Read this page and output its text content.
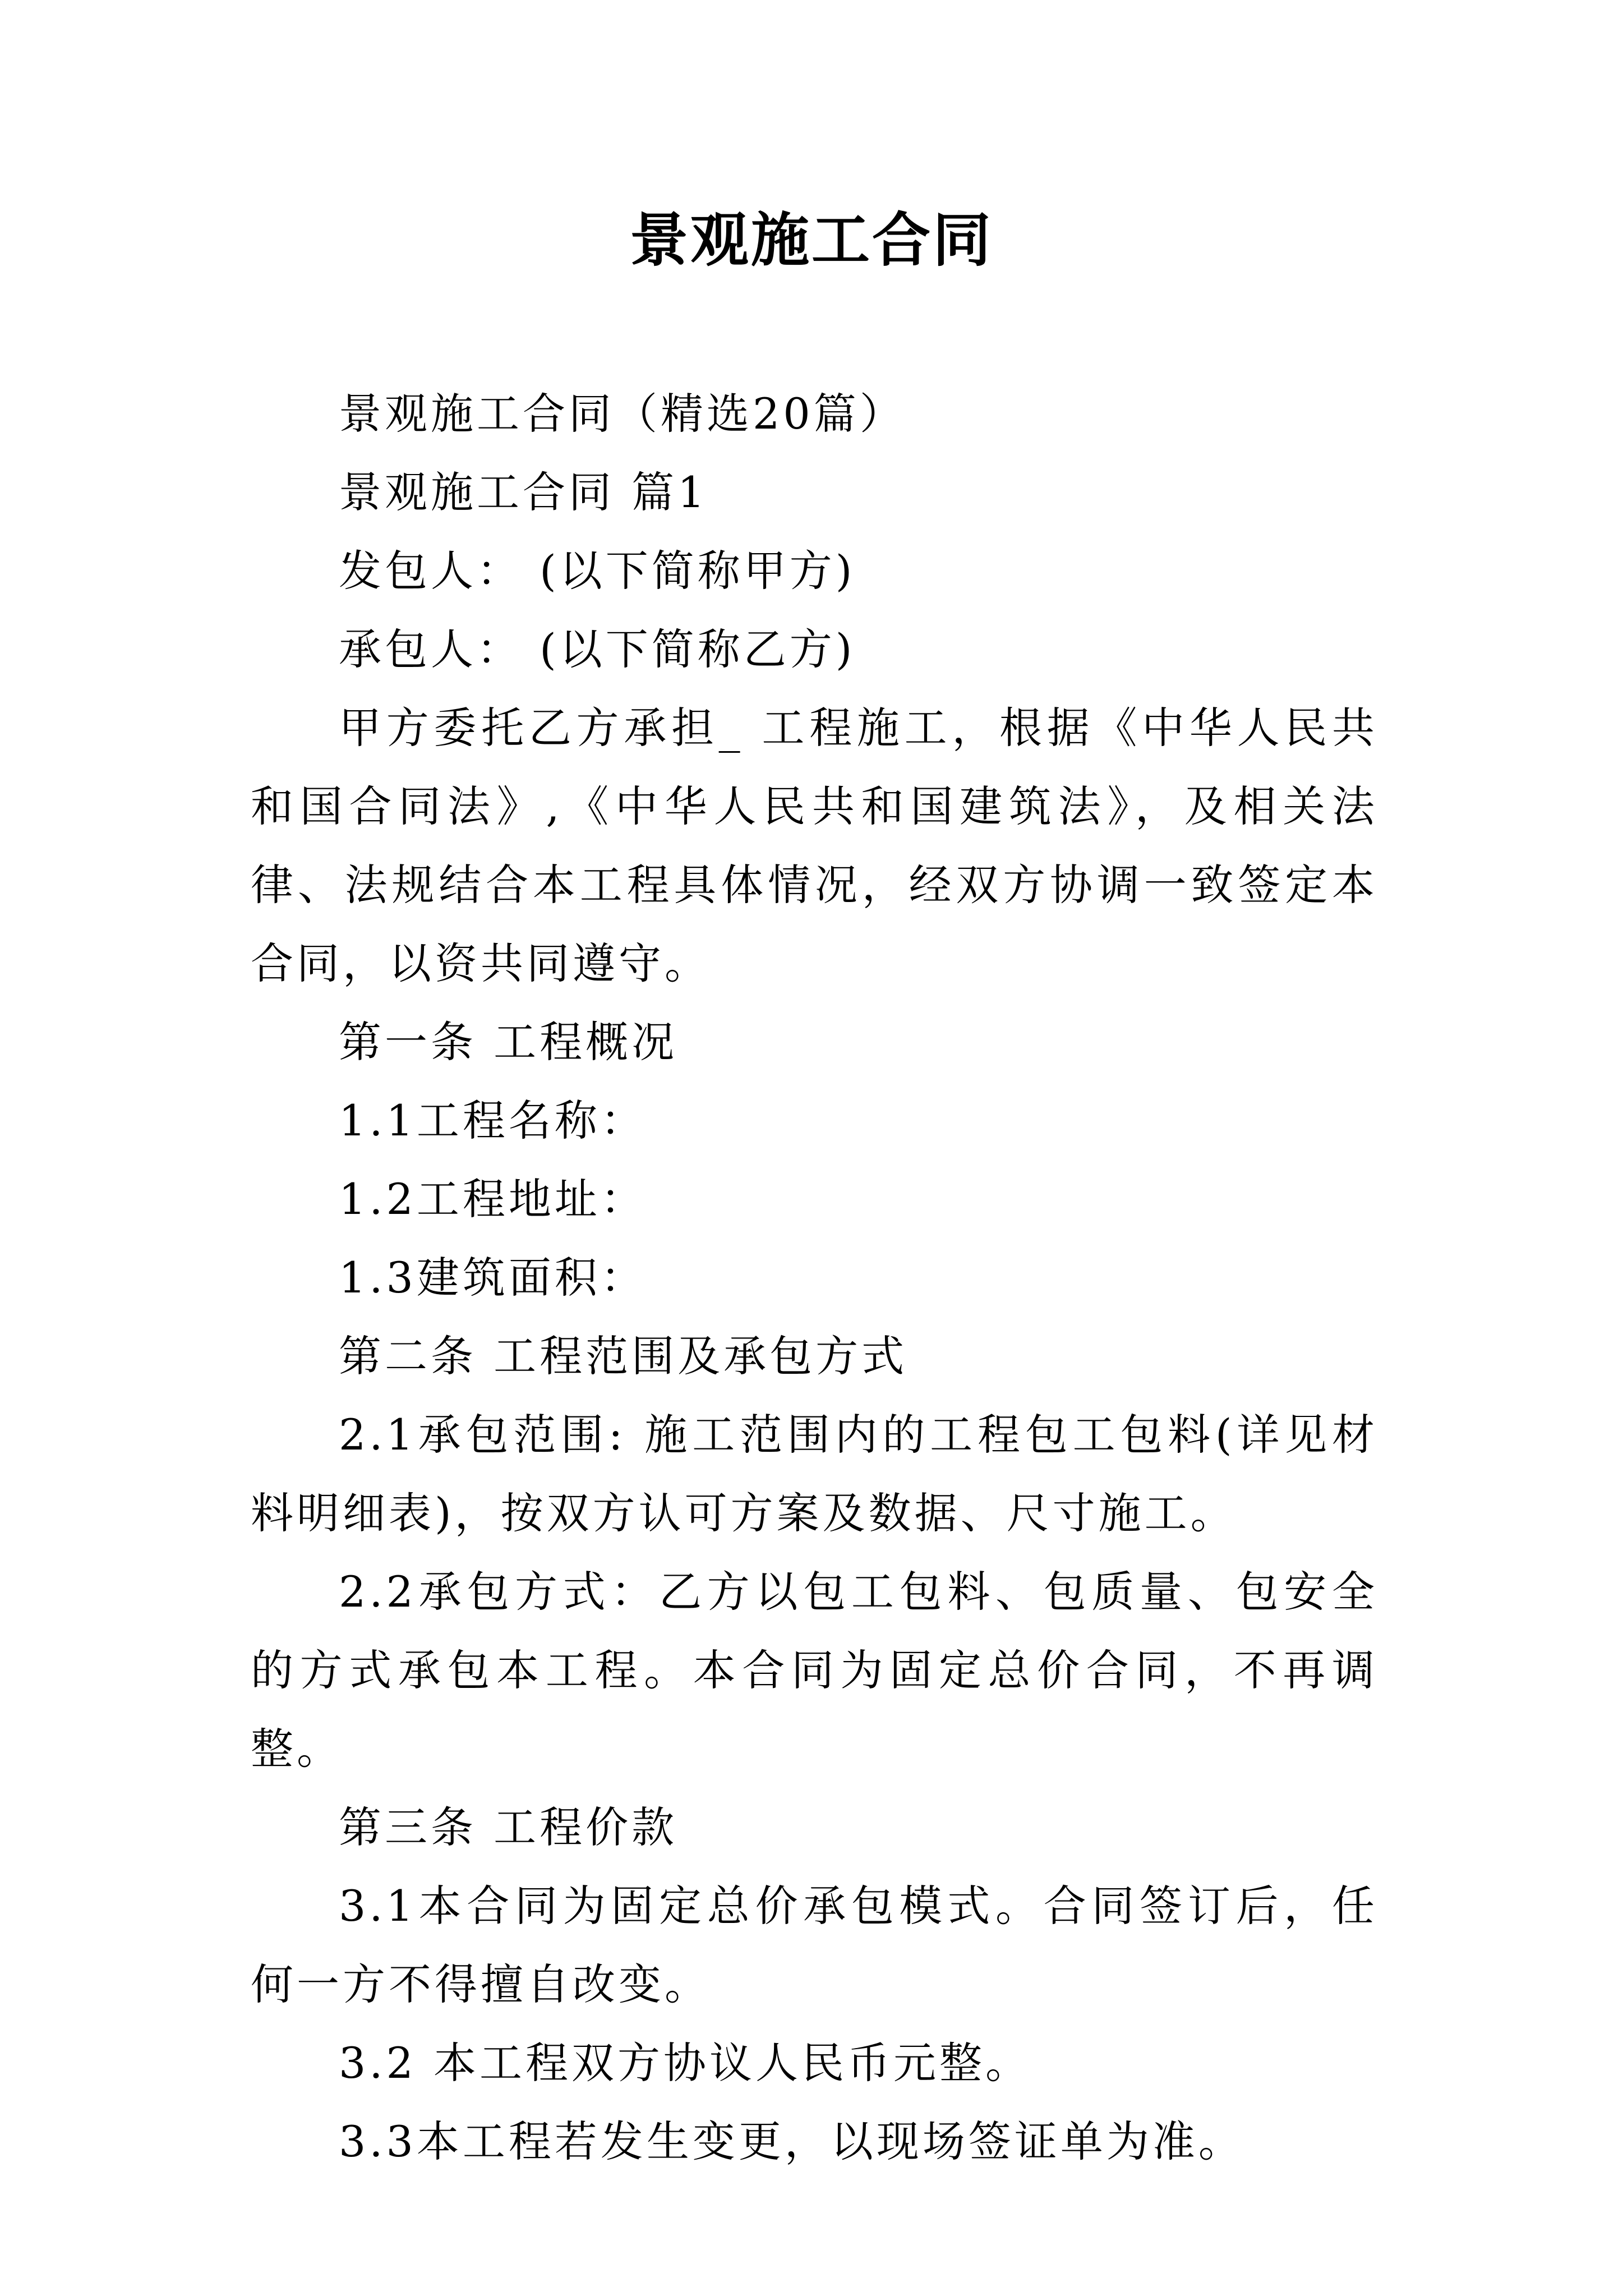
景观施工合同

景观施工合同（精选20篇）

景观施工合同 篇1

发包人： (以下简称甲方)

承包人： (以下简称乙方)

甲方委托乙方承担_ 工程施工，根据《中华人民共和国合同法》,《中华人民共和国建筑法》，及相关法律、法规结合本工程具体情况，经双方协调一致签定本合同，以资共同遵守。

第一条 工程概况

1.1工程名称：

1.2工程地址：

1.3建筑面积：

第二条 工程范围及承包方式

2.1承包范围: 施工范围内的工程包工包料(详见材料明细表)，按双方认可方案及数据、尺寸施工。

2.2承包方式：乙方以包工包料、包质量、包安全的方式承包本工程。本合同为固定总价合同，不再调整。

第三条 工程价款

3.1本合同为固定总价承包模式。合同签订后，任何一方不得擅自改变。

3.2 本工程双方协议人民币元整。

3.3本工程若发生变更，以现场签证单为准。
